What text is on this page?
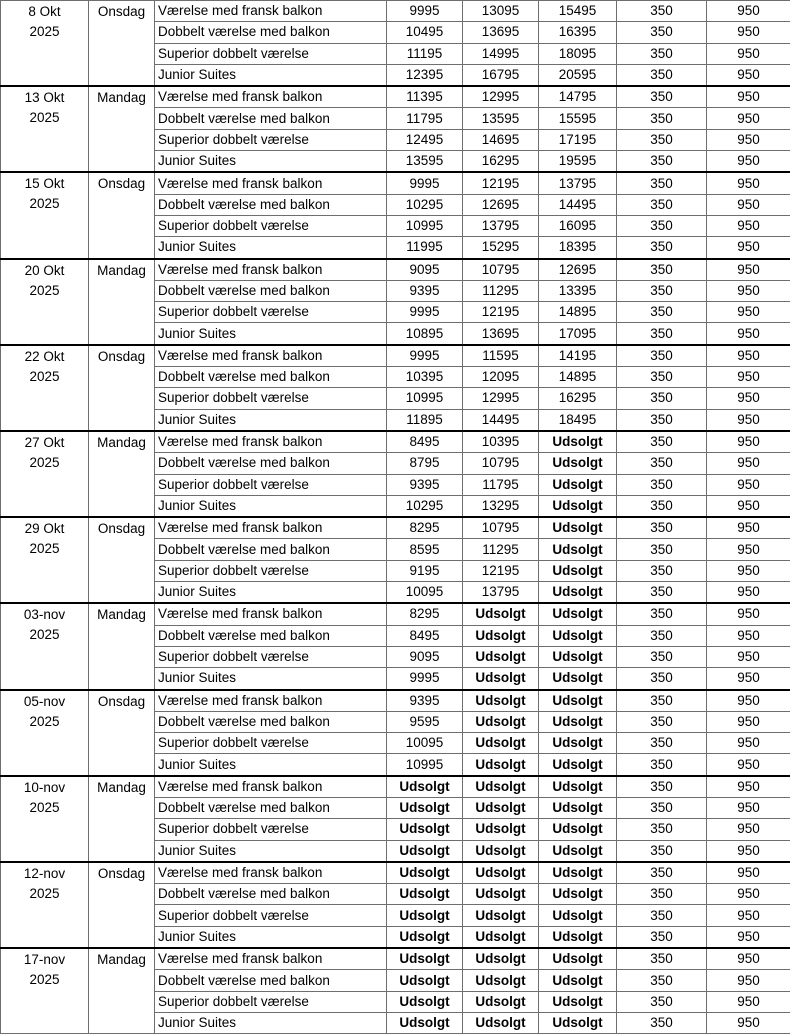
8 Okt
2025	Onsdag	Værelse med fransk balkon	9995	13095	15495	350	950
		Dobbelt værelse med balkon	10495	13695	16395	350	950
		Superior dobbelt værelse	11195	14995	18095	350	950
		Junior Suites	12395	16795	20595	350	950

13 Okt
2025	Mandag	Værelse med fransk balkon	11395	12995	14795	350	950
		Dobbelt værelse med balkon	11795	13595	15595	350	950
		Superior dobbelt værelse	12495	14695	17195	350	950
		Junior Suites	13595	16295	19595	350	950

15 Okt
2025	Onsdag	Værelse med fransk balkon	9995	12195	13795	350	950
		Dobbelt værelse med balkon	10295	12695	14495	350	950
		Superior dobbelt værelse	10995	13795	16095	350	950
		Junior Suites	11995	15295	18395	350	950

20 Okt
2025	Mandag	Værelse med fransk balkon	9095	10795	12695	350	950
		Dobbelt værelse med balkon	9395	11295	13395	350	950
		Superior dobbelt værelse	9995	12195	14895	350	950
		Junior Suites	10895	13695	17095	350	950

22 Okt
2025	Onsdag	Værelse med fransk balkon	9995	11595	14195	350	950
		Dobbelt værelse med balkon	10395	12095	14895	350	950
		Superior dobbelt værelse	10995	12995	16295	350	950
		Junior Suites	11895	14495	18495	350	950

27 Okt
2025	Mandag	Værelse med fransk balkon	8495	10395	Udsolgt	350	950
		Dobbelt værelse med balkon	8795	10795	Udsolgt	350	950
		Superior dobbelt værelse	9395	11795	Udsolgt	350	950
		Junior Suites	10295	13295	Udsolgt	350	950

29 Okt
2025	Onsdag	Værelse med fransk balkon	8295	10795	Udsolgt	350	950
		Dobbelt værelse med balkon	8595	11295	Udsolgt	350	950
		Superior dobbelt værelse	9195	12195	Udsolgt	350	950
		Junior Suites	10095	13795	Udsolgt	350	950

03-nov
2025	Mandag	Værelse med fransk balkon	8295	Udsolgt	Udsolgt	350	950
		Dobbelt værelse med balkon	8495	Udsolgt	Udsolgt	350	950
		Superior dobbelt værelse	9095	Udsolgt	Udsolgt	350	950
		Junior Suites	9995	Udsolgt	Udsolgt	350	950

05-nov
2025	Onsdag	Værelse med fransk balkon	9395	Udsolgt	Udsolgt	350	950
		Dobbelt værelse med balkon	9595	Udsolgt	Udsolgt	350	950
		Superior dobbelt værelse	10095	Udsolgt	Udsolgt	350	950
		Junior Suites	10995	Udsolgt	Udsolgt	350	950

10-nov
2025	Mandag	Værelse med fransk balkon	Udsolgt	Udsolgt	Udsolgt	350	950
		Dobbelt værelse med balkon	Udsolgt	Udsolgt	Udsolgt	350	950
		Superior dobbelt værelse	Udsolgt	Udsolgt	Udsolgt	350	950
		Junior Suites	Udsolgt	Udsolgt	Udsolgt	350	950

12-nov
2025	Onsdag	Værelse med fransk balkon	Udsolgt	Udsolgt	Udsolgt	350	950
		Dobbelt værelse med balkon	Udsolgt	Udsolgt	Udsolgt	350	950
		Superior dobbelt værelse	Udsolgt	Udsolgt	Udsolgt	350	950
		Junior Suites	Udsolgt	Udsolgt	Udsolgt	350	950

17-nov
2025	Mandag	Værelse med fransk balkon	Udsolgt	Udsolgt	Udsolgt	350	950
		Dobbelt værelse med balkon	Udsolgt	Udsolgt	Udsolgt	350	950
		Superior dobbelt værelse	Udsolgt	Udsolgt	Udsolgt	350	950
		Junior Suites	Udsolgt	Udsolgt	Udsolgt	350	950
